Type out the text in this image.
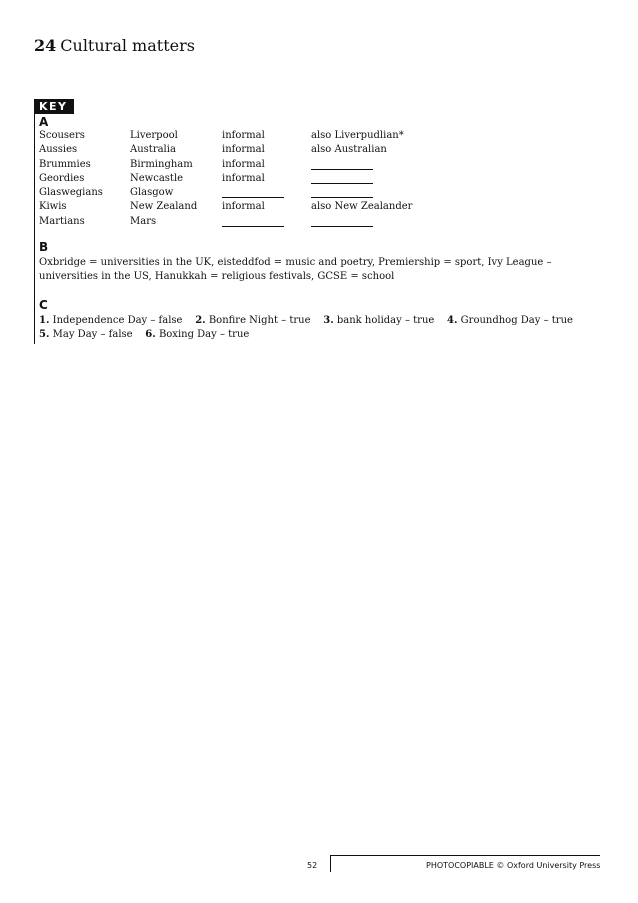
24 Cultural matters
KEY
A
Scousers	Liverpool	informal	also Liverpudlian*
Aussies	Australia	informal	also Australian
Brummies	Birmingham	informal
Geordies	Newcastle	informal
Glaswegians	Glasgow
Kiwis	New Zealand	informal	also New Zealander
Martians	Mars
B
Oxbridge = universities in the UK, eisteddfod = music and poetry, Premiership = sport, Ivy League – universities in the US, Hanukkah = religious festivals, GCSE = school
C
1. Independence Day – false 2. Bonfire Night – true 3. bank holiday – true 4. Groundhog Day – true
5. May Day – false 6. Boxing Day – true
52	PHOTOCOPIABLE © Oxford University Press
